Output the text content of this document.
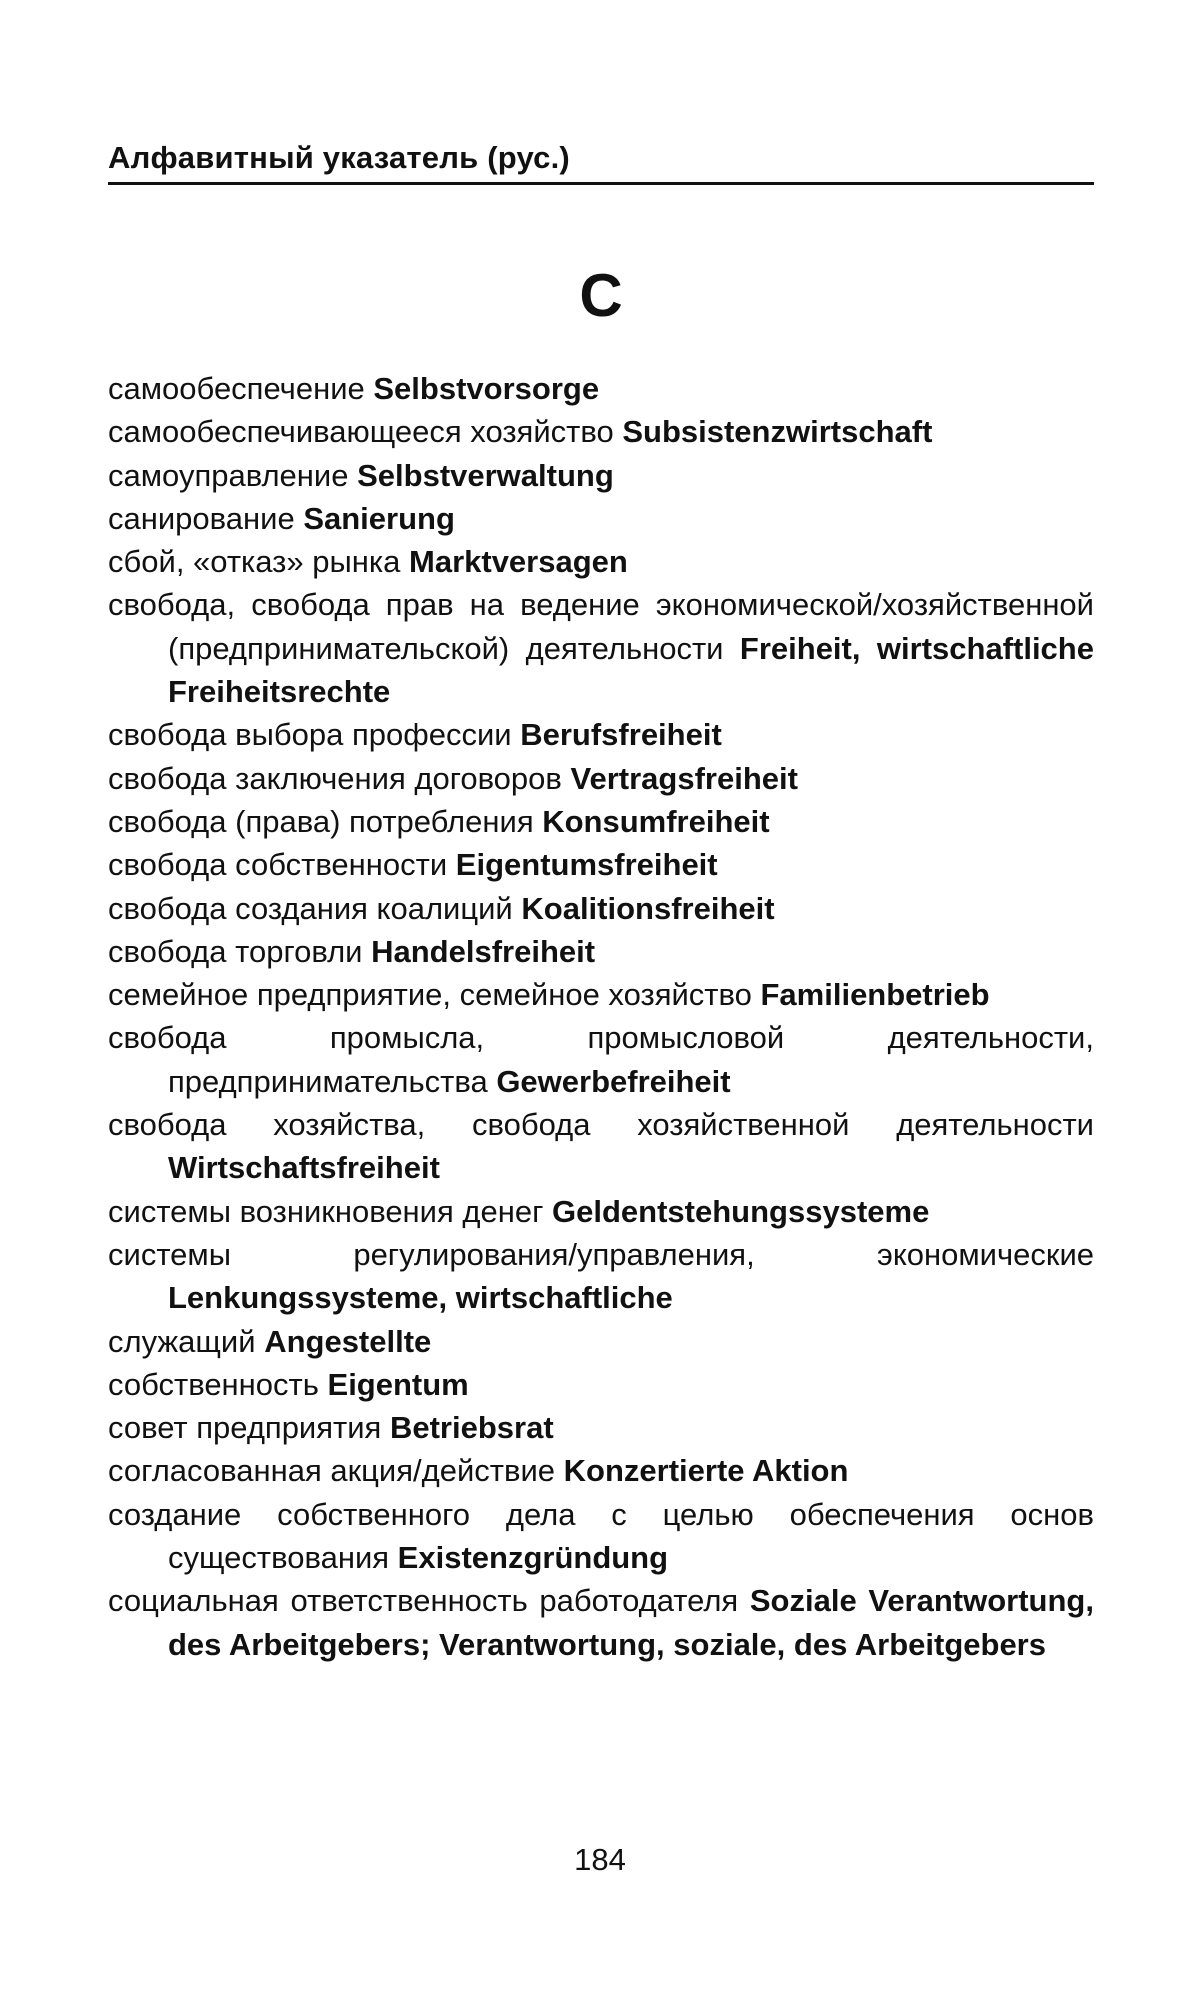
Алфавитный указатель (рус.)
С
самообеспечение Selbstvorsorge
самообеспечивающееся хозяйство Subsistenzwirtschaft
самоуправление Selbstverwaltung
санирование Sanierung
сбой, «отказ» рынка Marktversagen
свобода, свобода прав на ведение экономической/хозяйственной (предпринимательской) деятельности Freiheit, wirtschaftliche Freiheitsrechte
свобода выбора профессии Berufsfreiheit
свобода заключения договоров Vertragsfreiheit
свобода (права) потребления Konsumfreiheit
свобода собственности Eigentumsfreiheit
свобода создания коалиций Koalitionsfreiheit
свобода торговли Handelsfreiheit
семейное предприятие, семейное хозяйство Familienbetrieb
свобода промысла, промысловой деятельности, предпринимательства Gewerbefreiheit
свобода хозяйства, свобода хозяйственной деятельности Wirtschaftsfreiheit
системы возникновения денег Geldentstehungssysteme
системы регулирования/управления, экономические Lenkungssysteme, wirtschaftliche
служащий Angestellte
собственность Eigentum
совет предприятия Betriebsrat
согласованная акция/действие Konzertierte Aktion
создание собственного дела с целью обеспечения основ существования Existenzgründung
социальная ответственность работодателя Soziale Verantwortung, des Arbeitgebers; Verantwortung, soziale, des Arbeitgebers
184
